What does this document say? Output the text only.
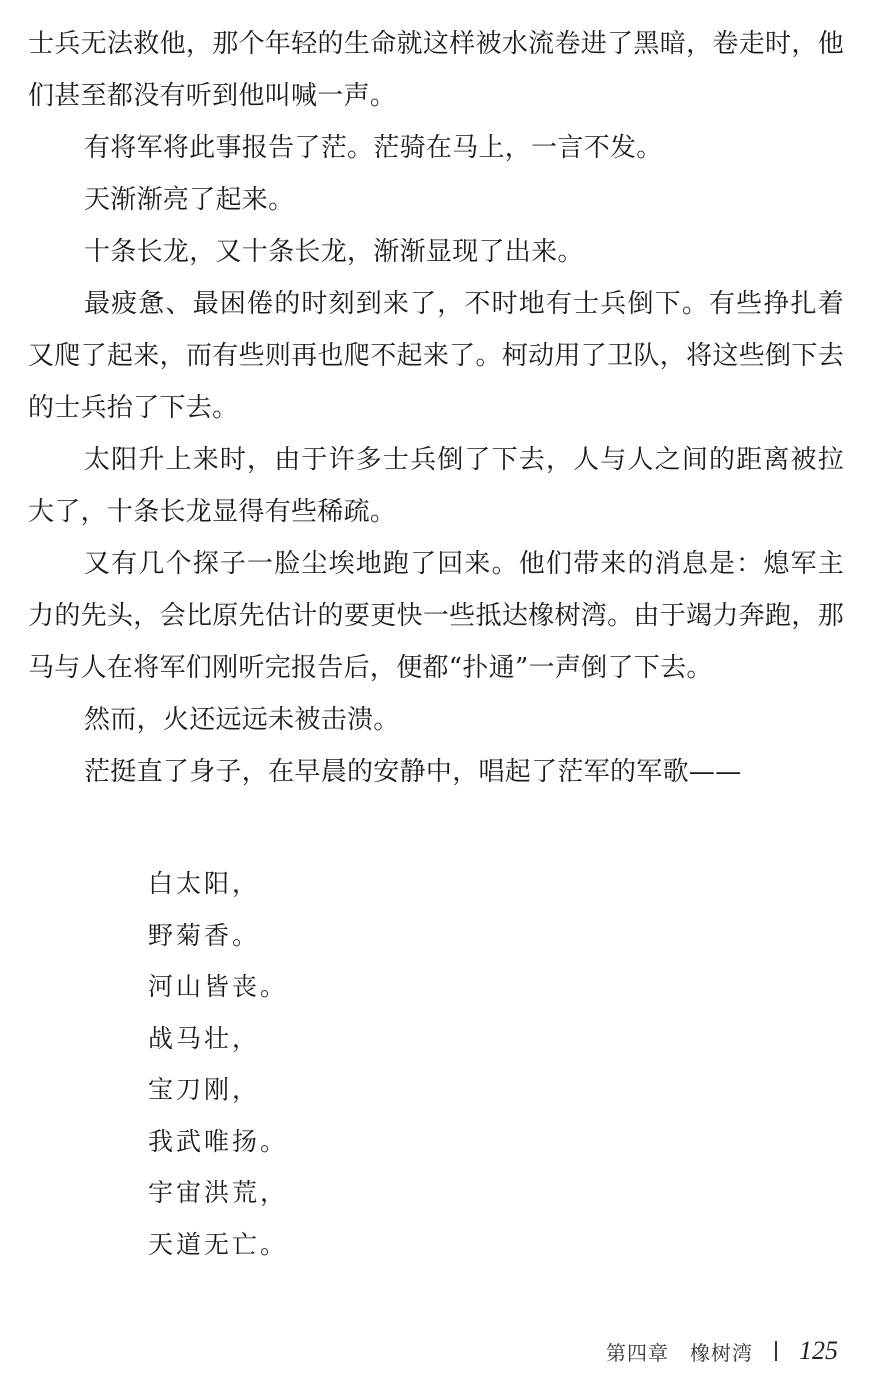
士兵无法救他，那个年轻的生命就这样被水流卷进了黑暗，卷走时，他们甚至都没有听到他叫喊一声。

有将军将此事报告了茫。茫骑在马上，一言不发。

天渐渐亮了起来。

十条长龙，又十条长龙，渐渐显现了出来。

最疲惫、最困倦的时刻到来了，不时地有士兵倒下。有些挣扎着又爬了起来，而有些则再也爬不起来了。柯动用了卫队，将这些倒下去的士兵抬了下去。

太阳升上来时，由于许多士兵倒了下去，人与人之间的距离被拉大了，十条长龙显得有些稀疏。

又有几个探子一脸尘埃地跑了回来。他们带来的消息是：熄军主力的先头，会比原先估计的要更快一些抵达橡树湾。由于竭力奔跑，那马与人在将军们刚听完报告后，便都“扑通”一声倒了下去。

然而，火还远远未被击溃。

茫挺直了身子，在早晨的安静中，唱起了茫军的军歌——

白太阳，

野菊香。

河山皆丧。

战马壮，

宝刀刚，

我武唯扬。

宇宙洪荒，

天道无亡。

第四章　橡树湾 125
